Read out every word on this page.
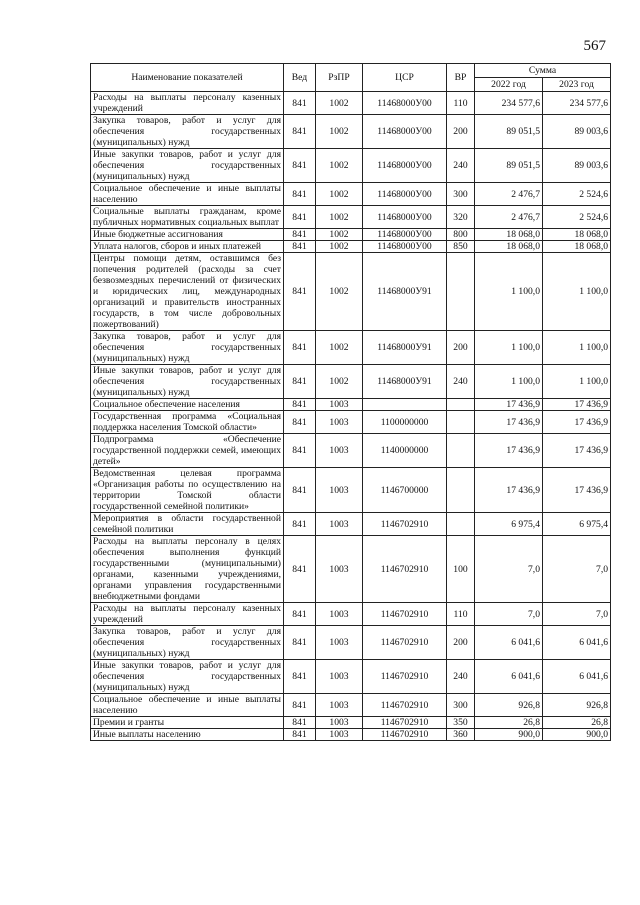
567
Наименование показателей	Вед	РзПР	ЦСР	ВР	Сумма	
					2022 год	2023 год
Расходы на выплаты персоналу казенных учреждений	841	1002	11468000У00	110	234 577,6	234 577,6
Закупка товаров, работ и услуг для обеспечения государственных (муниципальных) нужд	841	1002	11468000У00	200	89 051,5	89 003,6
Иные закупки товаров, работ и услуг для обеспечения государственных (муниципальных) нужд	841	1002	11468000У00	240	89 051,5	89 003,6
Социальное обеспечение и иные выплаты населению	841	1002	11468000У00	300	2 476,7	2 524,6
Социальные выплаты гражданам, кроме публичных нормативных социальных выплат	841	1002	11468000У00	320	2 476,7	2 524,6
Иные бюджетные ассигнования	841	1002	11468000У00	800	18 068,0	18 068,0
Уплата налогов, сборов и иных платежей	841	1002	11468000У00	850	18 068,0	18 068,0
Центры помощи детям, оставшимся без попечения родителей (расходы за счет безвозмездных перечислений от физических и юридических лиц, международных организаций и правительств иностранных государств, в том числе добровольных пожертвований)	841	1002	11468000У91		1 100,0	1 100,0
Закупка товаров, работ и услуг для обеспечения государственных (муниципальных) нужд	841	1002	11468000У91	200	1 100,0	1 100,0
Иные закупки товаров, работ и услуг для обеспечения государственных (муниципальных) нужд	841	1002	11468000У91	240	1 100,0	1 100,0
Социальное обеспечение населения	841	1003			17 436,9	17 436,9
Государственная программа «Социальная поддержка населения Томской области»	841	1003	1100000000		17 436,9	17 436,9
Подпрограмма «Обеспечение государственной поддержки семей, имеющих детей»	841	1003	1140000000		17 436,9	17 436,9
Ведомственная целевая программа «Организация работы по осуществлению на территории Томской области государственной семейной политики»	841	1003	1146700000		17 436,9	17 436,9
Мероприятия в области государственной семейной политики	841	1003	1146702910		6 975,4	6 975,4
Расходы на выплаты персоналу в целях обеспечения выполнения функций государственными (муниципальными) органами, казенными учреждениями, органами управления государственными внебюджетными фондами	841	1003	1146702910	100	7,0	7,0
Расходы на выплаты персоналу казенных учреждений	841	1003	1146702910	110	7,0	7,0
Закупка товаров, работ и услуг для обеспечения государственных (муниципальных) нужд	841	1003	1146702910	200	6 041,6	6 041,6
Иные закупки товаров, работ и услуг для обеспечения государственных (муниципальных) нужд	841	1003	1146702910	240	6 041,6	6 041,6
Социальное обеспечение и иные выплаты населению	841	1003	1146702910	300	926,8	926,8
Премии и гранты	841	1003	1146702910	350	26,8	26,8
Иные выплаты населению	841	1003	1146702910	360	900,0	900,0
